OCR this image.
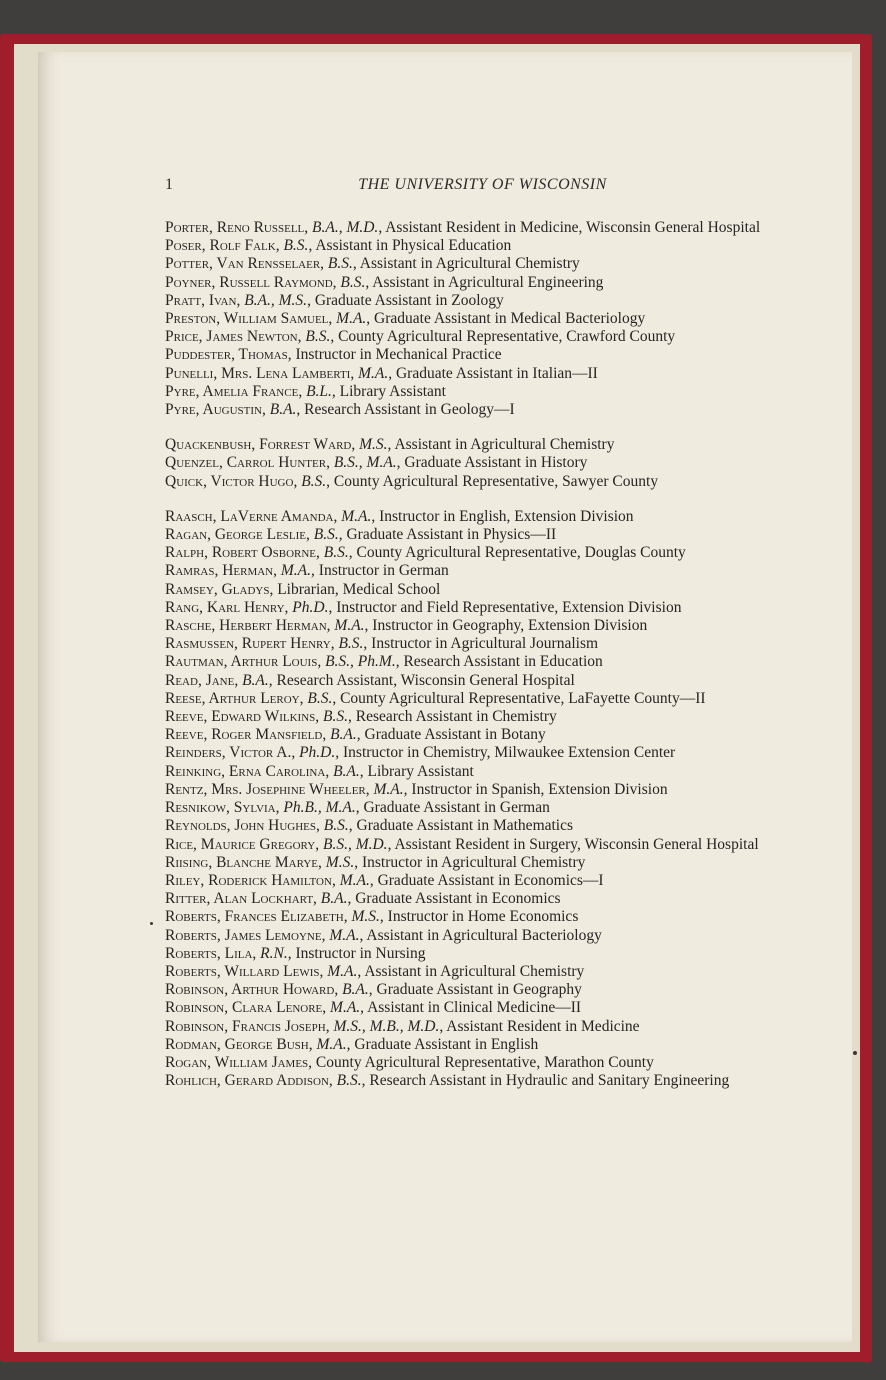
1	THE UNIVERSITY OF WISCONSIN
Porter, Reno Russell, B.A., M.D., Assistant Resident in Medicine, Wisconsin General Hospital
Poser, Rolf Falk, B.S., Assistant in Physical Education
Potter, Van Rensselaer, B.S., Assistant in Agricultural Chemistry
Poyner, Russell Raymond, B.S., Assistant in Agricultural Engineering
Pratt, Ivan, B.A., M.S., Graduate Assistant in Zoology
Preston, William Samuel, M.A., Graduate Assistant in Medical Bacteriology
Price, James Newton, B.S., County Agricultural Representative, Crawford County
Puddester, Thomas, Instructor in Mechanical Practice
Punelli, Mrs. Lena Lamberti, M.A., Graduate Assistant in Italian—II
Pyre, Amelia France, B.L., Library Assistant
Pyre, Augustin, B.A., Research Assistant in Geology—I
Quackenbush, Forrest Ward, M.S., Assistant in Agricultural Chemistry
Quenzel, Carrol Hunter, B.S., M.A., Graduate Assistant in History
Quick, Victor Hugo, B.S., County Agricultural Representative, Sawyer County
Raasch, LaVerne Amanda, M.A., Instructor in English, Extension Division
Ragan, George Leslie, B.S., Graduate Assistant in Physics—II
Ralph, Robert Osborne, B.S., County Agricultural Representative, Douglas County
Ramras, Herman, M.A., Instructor in German
Ramsey, Gladys, Librarian, Medical School
Rang, Karl Henry, Ph.D., Instructor and Field Representative, Extension Division
Rasche, Herbert Herman, M.A., Instructor in Geography, Extension Division
Rasmussen, Rupert Henry, B.S., Instructor in Agricultural Journalism
Rautman, Arthur Louis, B.S., Ph.M., Research Assistant in Education
Read, Jane, B.A., Research Assistant, Wisconsin General Hospital
Reese, Arthur Leroy, B.S., County Agricultural Representative, LaFayette County—II
Reeve, Edward Wilkins, B.S., Research Assistant in Chemistry
Reeve, Roger Mansfield, B.A., Graduate Assistant in Botany
Reinders, Victor A., Ph.D., Instructor in Chemistry, Milwaukee Extension Center
Reinking, Erna Carolina, B.A., Library Assistant
Rentz, Mrs. Josephine Wheeler, M.A., Instructor in Spanish, Extension Division
Resnikow, Sylvia, Ph.B., M.A., Graduate Assistant in German
Reynolds, John Hughes, B.S., Graduate Assistant in Mathematics
Rice, Maurice Gregory, B.S., M.D., Assistant Resident in Surgery, Wisconsin General Hospital
Riising, Blanche Marye, M.S., Instructor in Agricultural Chemistry
Riley, Roderick Hamilton, M.A., Graduate Assistant in Economics—I
Ritter, Alan Lockhart, B.A., Graduate Assistant in Economics
Roberts, Frances Elizabeth, M.S., Instructor in Home Economics
Roberts, James Lemoyne, M.A., Assistant in Agricultural Bacteriology
Roberts, Lila, R.N., Instructor in Nursing
Roberts, Willard Lewis, M.A., Assistant in Agricultural Chemistry
Robinson, Arthur Howard, B.A., Graduate Assistant in Geography
Robinson, Clara Lenore, M.A., Assistant in Clinical Medicine—II
Robinson, Francis Joseph, M.S., M.B., M.D., Assistant Resident in Medicine
Rodman, George Bush, M.A., Graduate Assistant in English
Rogan, William James, County Agricultural Representative, Marathon County
Rohlich, Gerard Addison, B.S., Research Assistant in Hydraulic and Sanitary Engineering
